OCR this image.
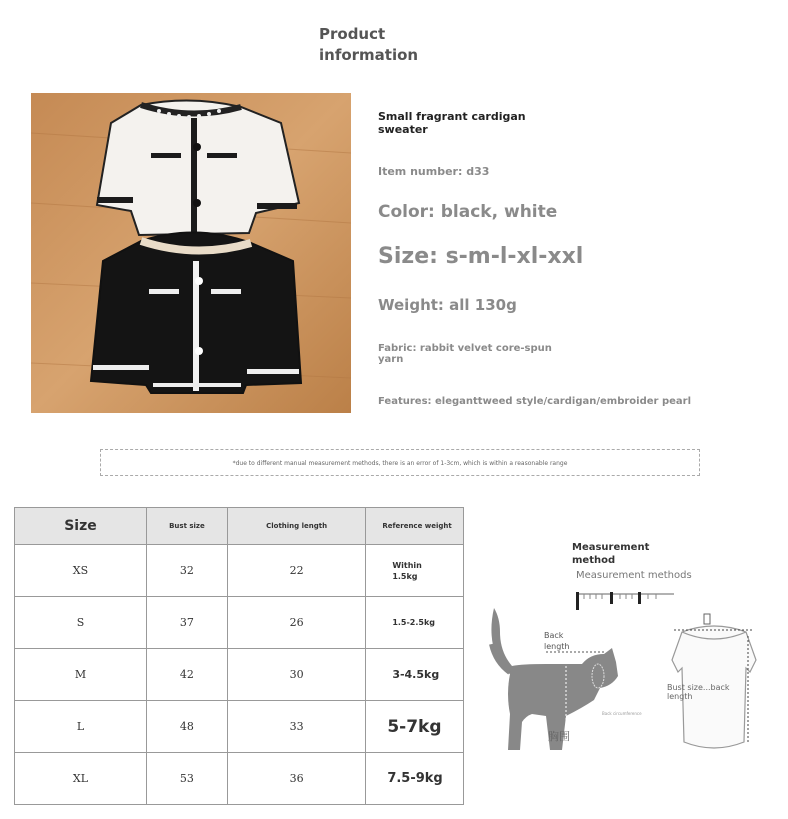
Product information
Small fragrant cardigan sweater
Item number: d33
Color: black, white
Size: s-m-l-xl-xxl
Weight: all 130g
Fabric: rabbit velvet core-spun yarn
Features: eleganttweed style/cardigan/embroider pearl
*due to different manual measurement methods, there is an error of 1-3cm, which is within a reasonable range
Size	Bust size	Clothing length	Reference weight
XS	32	22	Within 1.5kg
S	37	26	1.5-2.5kg
M	42	30	3-4.5kg
L	48	33	5-7kg
XL	53	36	7.5-9kg
Measurement method
Measurement methods
Back length
Bust size...back length
胸围
Back circumference
